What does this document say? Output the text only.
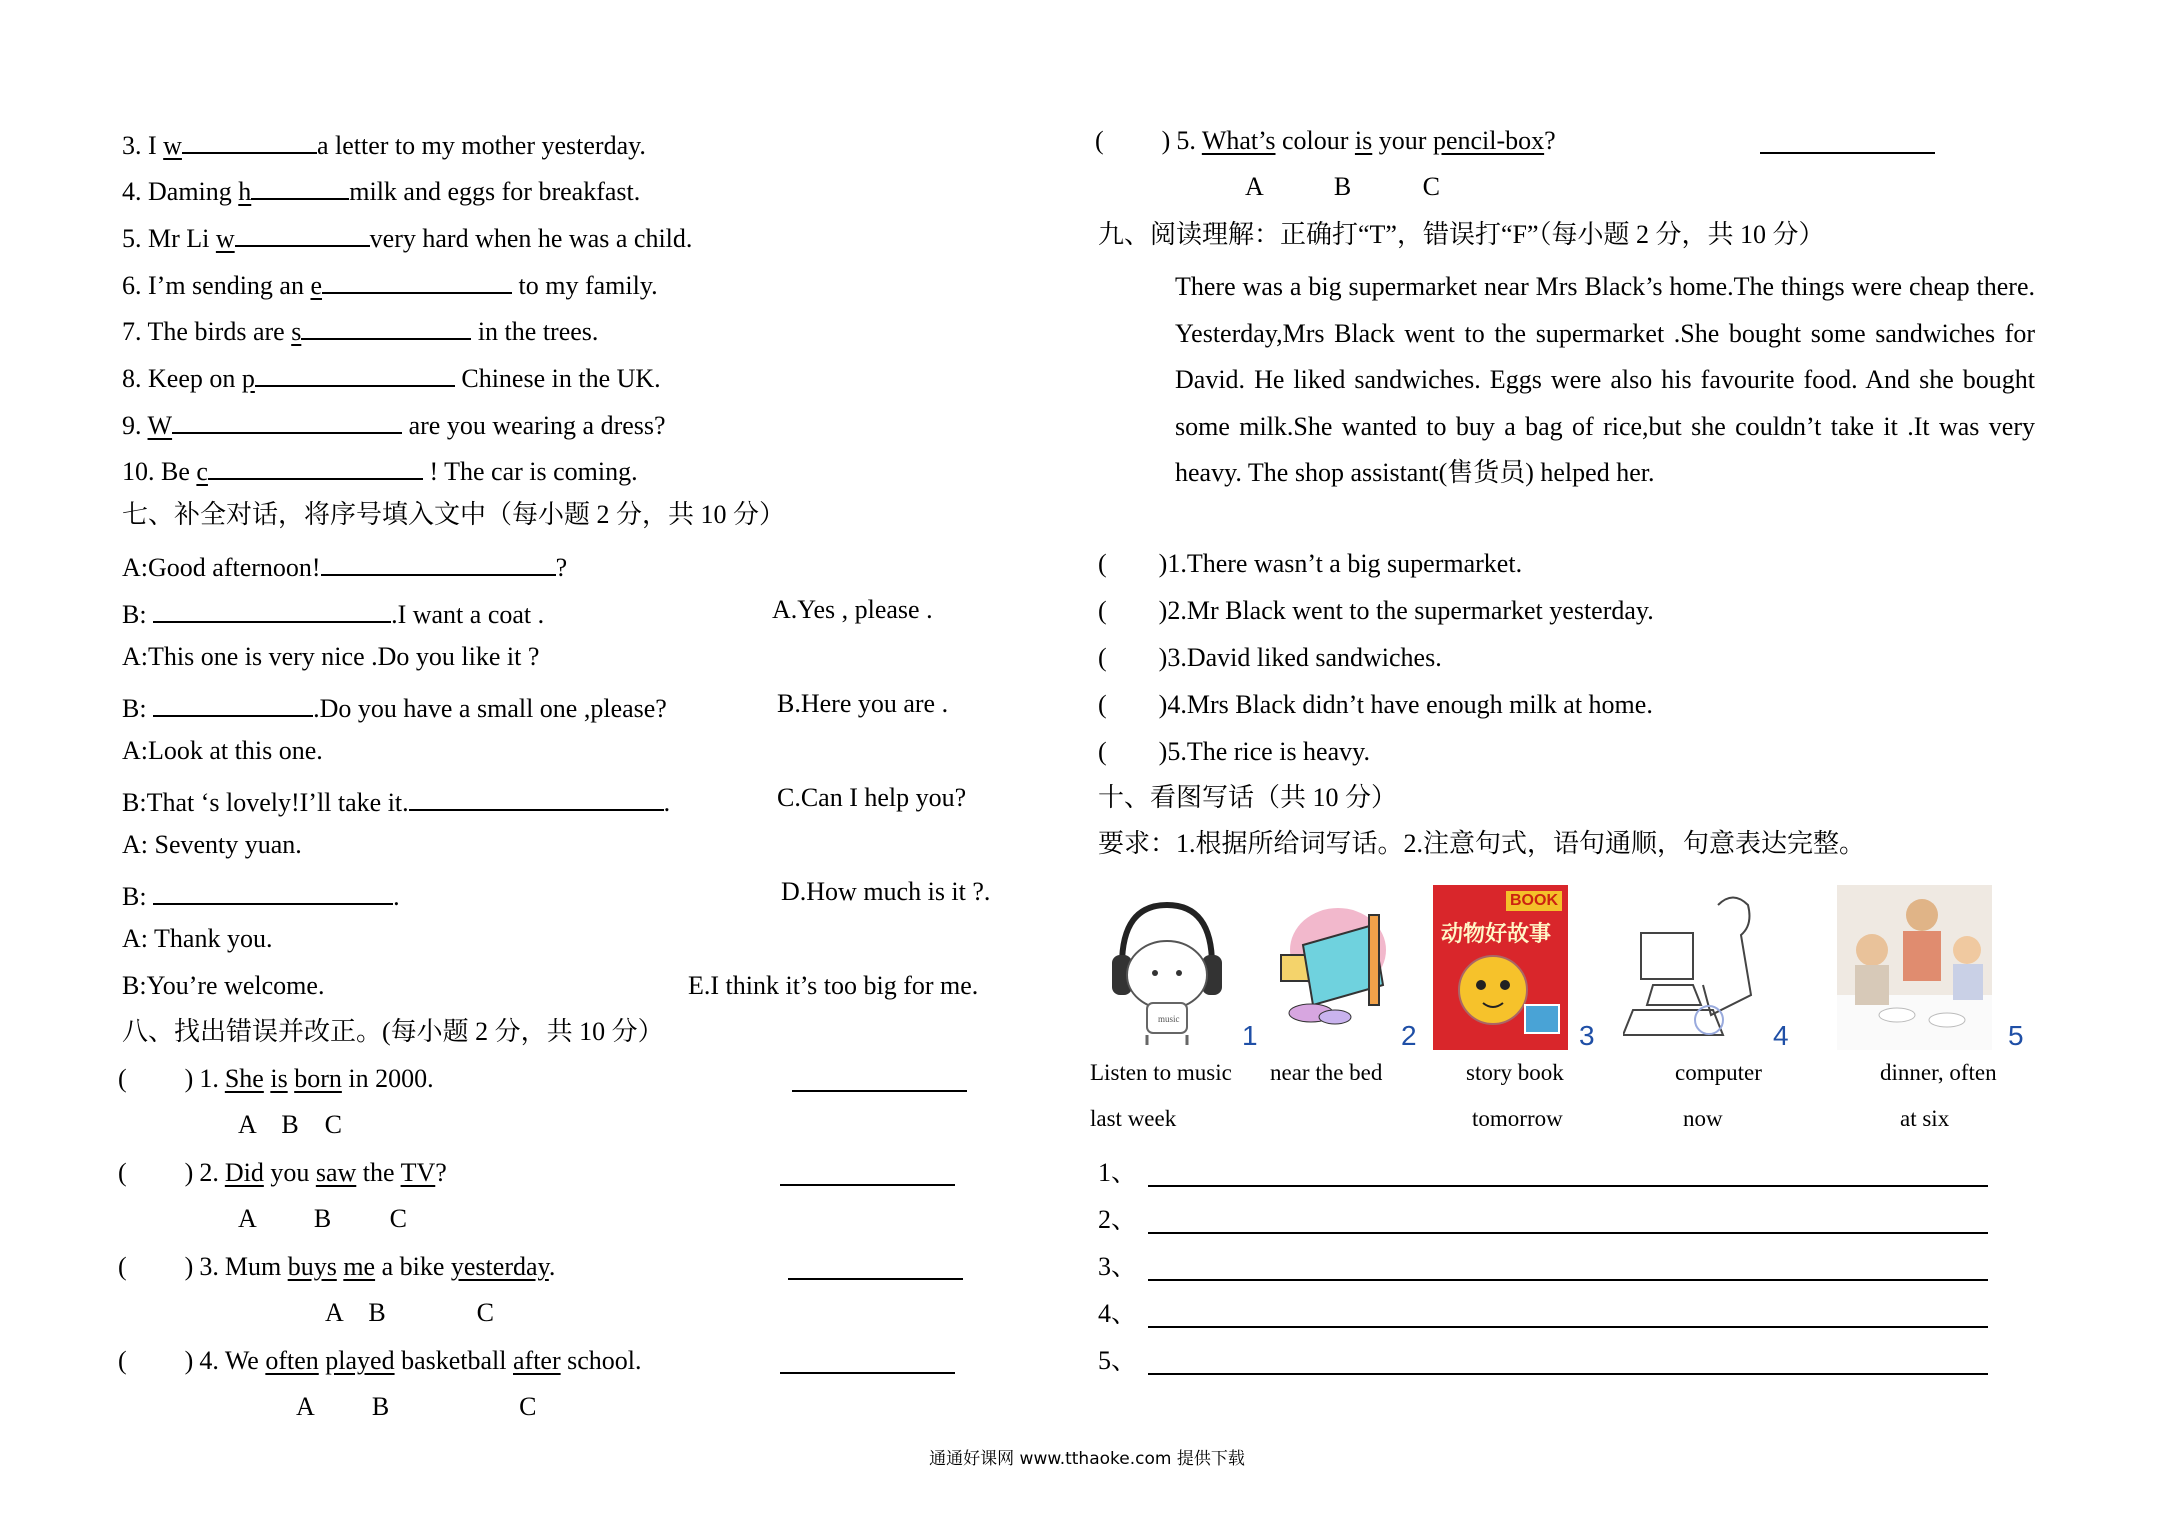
3. I w	a letter to my mother yesterday.
4. Daming h	milk and eggs for breakfast.
5. Mr Li w	very hard when he was a child.
6. I’m sending an e	to my family.
7. The birds are s	in the trees.
8. Keep on p	Chinese in the UK.
9. W	are you wearing a dress?
10. Be c	! The car is coming.
七、补全对话，将序号填入文中（每小题 2 分，共 10 分）
A:Good afternoon!	?
B:	.I want a coat .
A:This one is very nice .Do you like it ?
B:	.Do you have a small one ,please?
A:Look at this one.
B:That ‘s lovely!I’ll take it.	.
A: Seventy yuan.
B:	.
A: Thank you.
B:You’re welcome.
A.Yes , please .
B.Here you are .
C.Can I help you?
D.How much is it ?.
E.I think it’s too big for me.
八、找出错误并改正。(每小题 2 分，共 10 分）
( ) 1. She is born in 2000.
A    B    C
( ) 2. Did you saw the TV?
A         B         C
( ) 3. Mum buys me a bike yesterday.
A    B              C
( ) 4. We often played basketball after school.
A         B                    C
( ) 5. What’s colour is your pencil-box?
A           B           C
九、阅读理解：正确打“T”，错误打“F”（每小题 2 分，共 10 分）
There was a big supermarket near Mrs Black’s home.The things were cheap there. Yesterday,Mrs Black went to the supermarket .She bought some sandwiches for David. He liked sandwiches. Eggs were also his favourite food. And she bought some milk.She wanted to buy a bag of rice,but she couldn’t take it .It was very heavy. The shop assistant(售货员) helped her.
( )1.There wasn’t a big supermarket.
( )2.Mr Black went to the supermarket yesterday.
( )3.David liked sandwiches.
( )4.Mrs Black didn’t have enough milk at home.
( )5.The rice is heavy.
十、看图写话（共 10 分）
要求：1.根据所给词写话。2.注意句式，语句通顺，句意表达完整。
music
1	2
BOOK
动物好故事
3	4	5
Listen to music
last week
near the bed	story book
tomorrow
computer
now
dinner, often
at six
1、
2、
3、
4、
5、
通通好课网 www.tthaoke.com 提供下载
